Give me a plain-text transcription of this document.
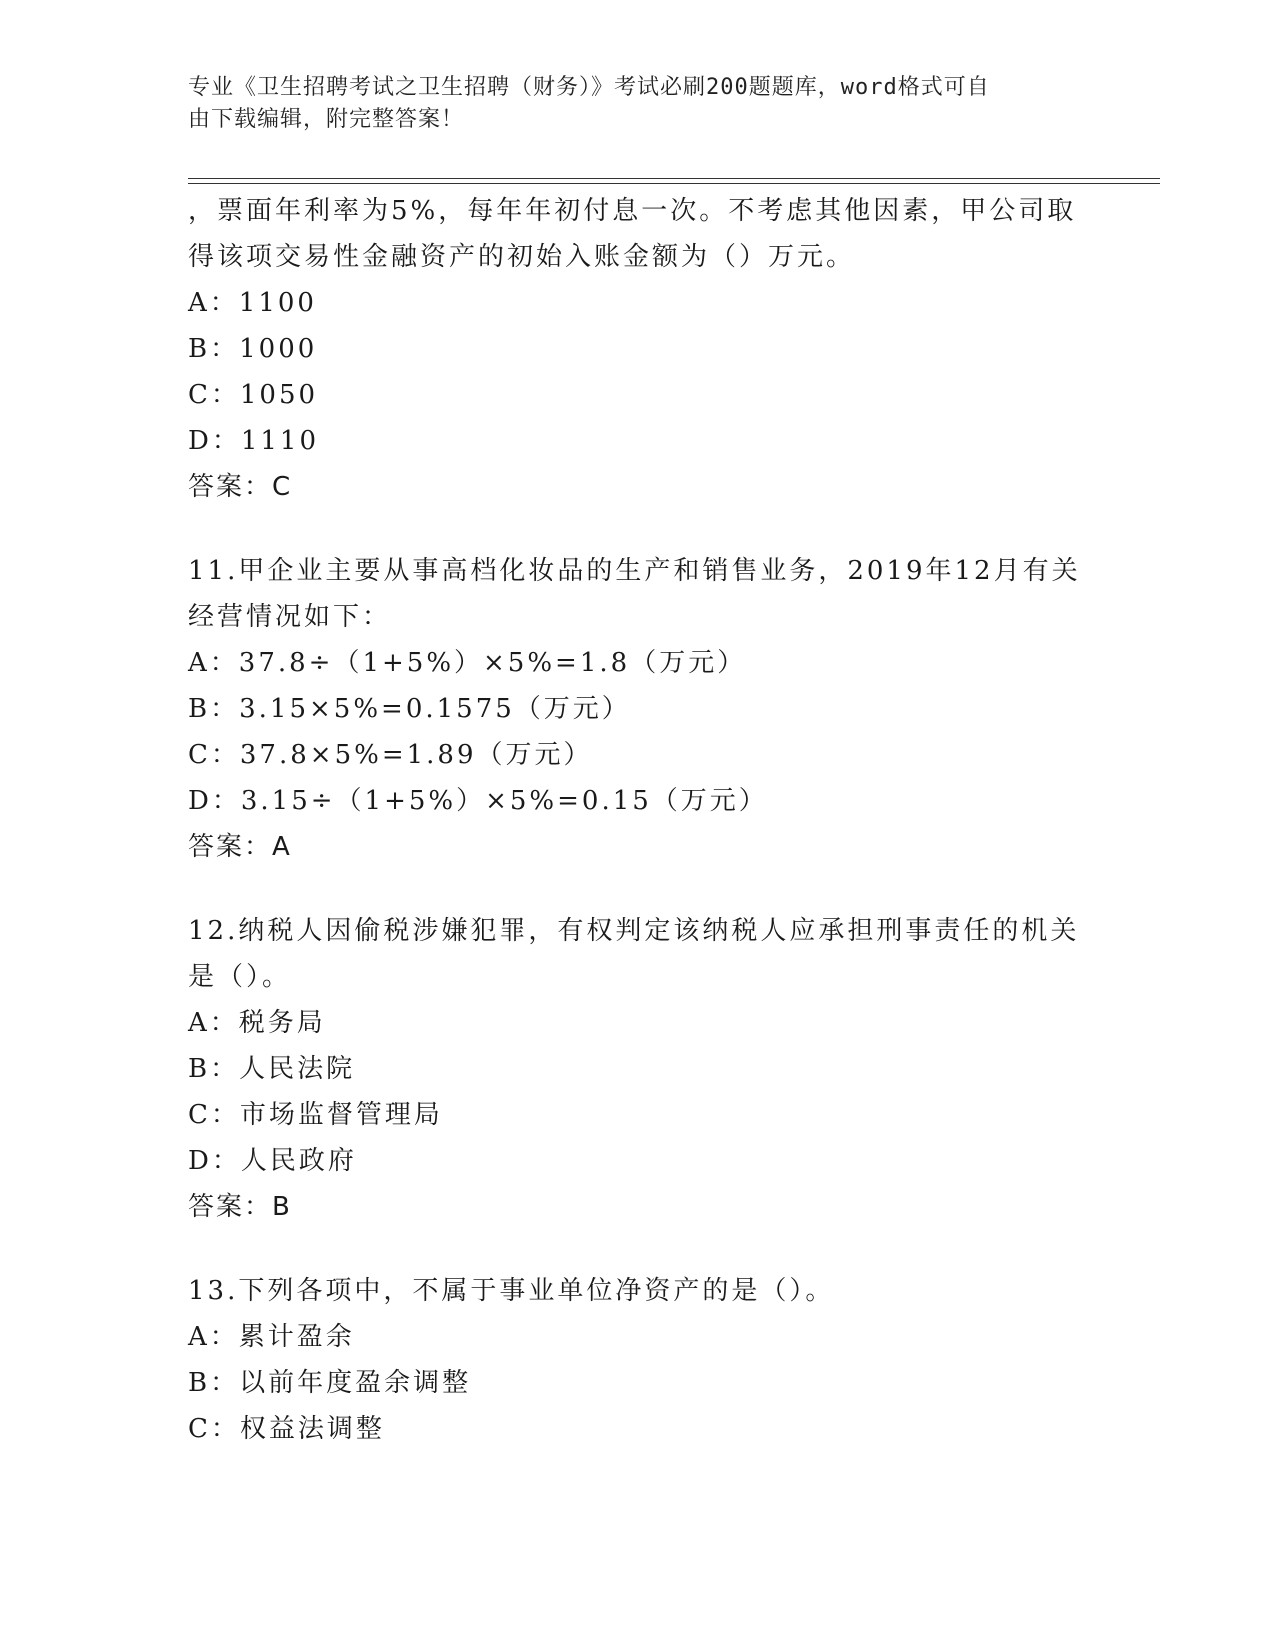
专业《卫生招聘考试之卫生招聘（财务）》考试必刷200题题库，word格式可自
由下载编辑，附完整答案！
，票面年利率为5%，每年年初付息一次。不考虑其他因素，甲公司取
得该项交易性金融资产的初始入账金额为（）万元。
A：1100
B：1000
C：1050
D：1110
答案：C
11.甲企业主要从事高档化妆品的生产和销售业务，2019年12月有关
经营情况如下：
A：37.8÷（1+5%）×5%=1.8（万元）
B：3.15×5%=0.1575（万元）
C：37.8×5%=1.89（万元）
D：3.15÷（1+5%）×5%=0.15（万元）
答案：A
12.纳税人因偷税涉嫌犯罪，有权判定该纳税人应承担刑事责任的机关
是（）。
A：税务局
B：人民法院
C：市场监督管理局
D：人民政府
答案：B
13.下列各项中，不属于事业单位净资产的是（）。
A：累计盈余
B：以前年度盈余调整
C：权益法调整
